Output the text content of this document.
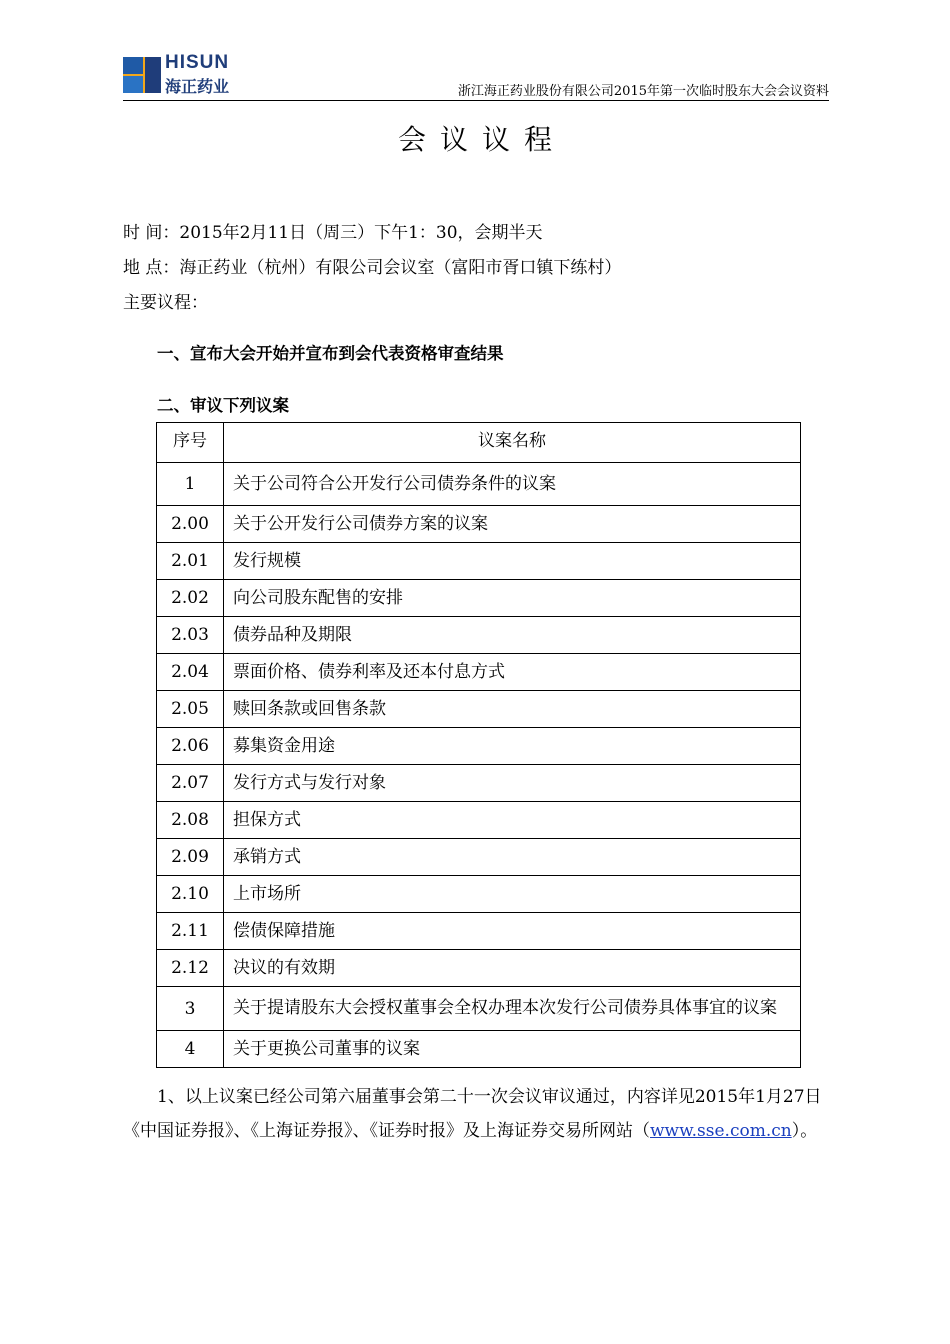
HISUN
海正药业	浙江海正药业股份有限公司2015年第一次临时股东大会会议资料
会议议程
时 间：2015年2月11日（周三）下午1：30，会期半天
地 点：海正药业（杭州）有限公司会议室（富阳市胥口镇下练村）
主要议程：
一、宣布大会开始并宣布到会代表资格审查结果
二、审议下列议案
序号	议案名称
1	关于公司符合公开发行公司债券条件的议案
2.00	关于公开发行公司债券方案的议案
2.01	发行规模
2.02	向公司股东配售的安排
2.03	债券品种及期限
2.04	票面价格、债券利率及还本付息方式
2.05	赎回条款或回售条款
2.06	募集资金用途
2.07	发行方式与发行对象
2.08	担保方式
2.09	承销方式
2.10	上市场所
2.11	偿债保障措施
2.12	决议的有效期
3	关于提请股东大会授权董事会全权办理本次发行公司债券具体事宜的议案
4	关于更换公司董事的议案
1、以上议案已经公司第六届董事会第二十一次会议审议通过，内容详见2015年1月27日《中国证券报》、《上海证券报》、《证券时报》及上海证券交易所网站（www.sse.com.cn）。
